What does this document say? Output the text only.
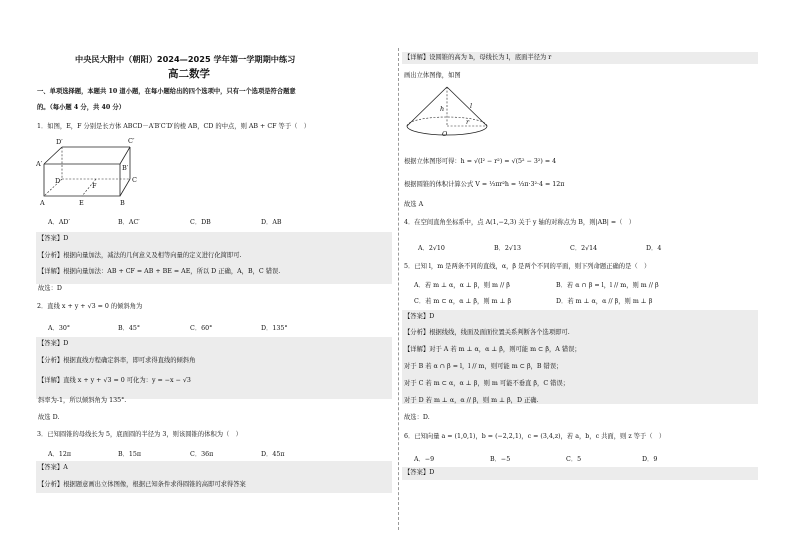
中央民大附中（朝阳）2024—2025 学年第一学期期中练习
高二数学
一、单项选择题，本题共 10 道小题，在每小题给出的四个选项中，只有一个选项是符合题意
的。（每小题 4 分，共 40 分）
1．如图，E，F 分别是长方体 ABCD－A′B′C′D′的棱 AB，CD 的中点，则 AB + CF 等于（　）
D′	C′
A′	B′
D
F
C
A	E	B
A．AD′	B．AC′	C．DB	D．AB
【答案】D
【分析】根据向量加法，减法的几何意义及相等向量的定义进行化简即可.
【详解】根据向量加法：AB + CF = AB + BE = AE，所以 D 正确，A，B，C 错误.
故选：D
2．直线 x + y + √3 = 0 的倾斜角为
A．30°	B．45°	C．60°	D．135°
【答案】D
【分析】根据直线方程确定斜率，即可求得直线的倾斜角
【详解】直线 x + y + √3 = 0 可化为：y = −x − √3
斜率为-1，所以倾斜角为 135°.
故选 D.
3．已知圆锥的母线长为 5，底面圆的半径为 3，则该圆锥的体积为（　）
A．12π	B．15π	C．36π	D．45π
【答案】A
【分析】根据题意画出立体图像，根据已知条件求得圆锥的高即可求得答案
【详解】设圆锥的高为 h，母线长为 l，底面半径为 r
画出立体图像，如图
h	l
O
r
根据立体图形可得：h = √(l² − r²) = √(5² − 3²) = 4
根据圆锥的体积计算公式 V = ⅓πr²h = ⅓π·3²·4 = 12π
故选 A
4．在空间直角坐标系中，点 A(1,−2,3) 关于 y 轴的对称点为 B，则|AB| =（　）
A．2√10	B．2√13	C．2√14	D．4
5．已知 l，m 是两条不同的直线，α，β 是两个不同的平面，则下列命题正确的是（　）
A．若 m ⊥ α，α ⊥ β，则 m // β	B．若 α ∩ β = l，l // m，则 m // β
C．若 m ⊂ α，α ⊥ β，则 m ⊥ β	D．若 m ⊥ α，α // β，则 m ⊥ β
【答案】D
【分析】根据线线，线面及面面位置关系判断各个选项即可.
【详解】对于 A 若 m ⊥ α，α ⊥ β，则可能 m ⊂ β，A 错误；
对于 B 若 α ∩ β = l，l // m，则可能 m ⊂ β，B 错误；
对于 C 若 m ⊂ α，α ⊥ β，则 m 可能不垂直 β，C 错误；
对于 D 若 m ⊥ α，α // β，则 m ⊥ β，D 正确.
故选：D.
6．已知向量 a = (1,0,1)，b = (−2,2,1)，c = (3,4,z)，若 a，b，c 共面，则 z 等于（　）
A．−9	B．−5	C．5	D．9
【答案】D
